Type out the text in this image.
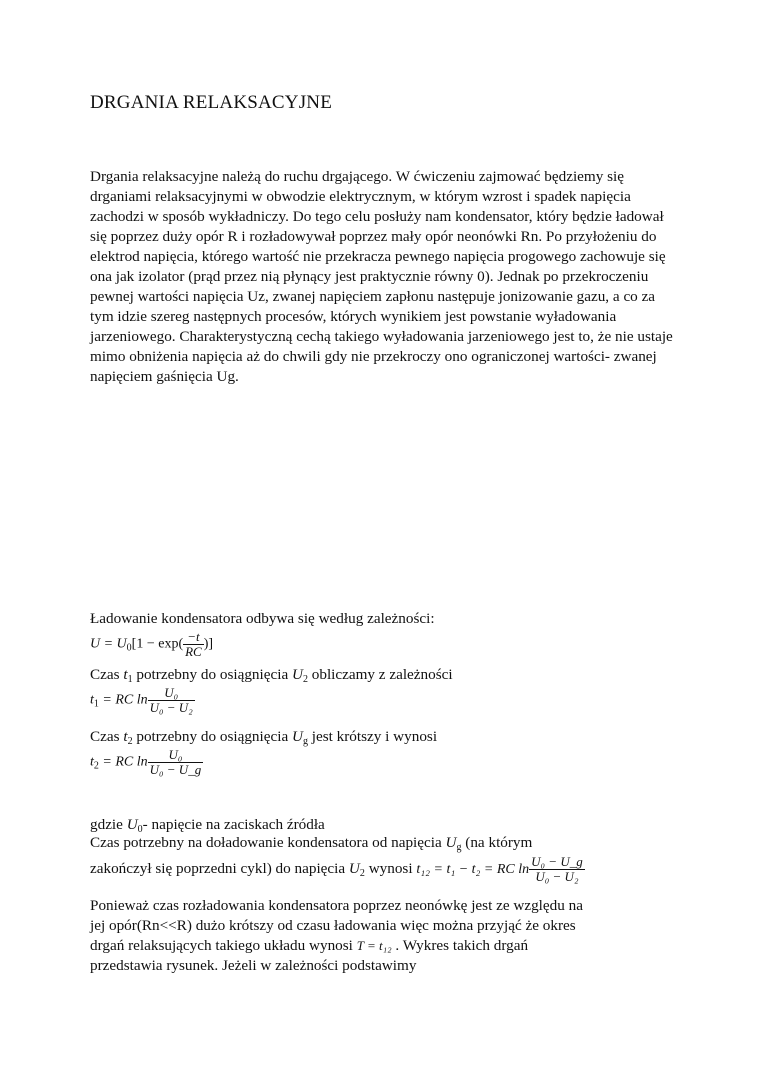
DRGANIA RELAKSACYJNE

Drgania relaksacyjne należą do ruchu drgającego. W ćwiczeniu zajmować będziemy się drganiami relaksacyjnymi w obwodzie elektrycznym, w którym wzrost i spadek napięcia zachodzi w sposób wykładniczy. Do tego celu posłuży nam kondensator, który będzie ładował się poprzez duży opór R i rozładowywał poprzez mały opór neonówki Rn. Po przyłożeniu do elektrod napięcia, którego wartość nie przekracza pewnego napięcia progowego zachowuje się ona jak izolator (prąd przez nią płynący jest praktycznie równy 0). Jednak po przekroczeniu pewnej wartości napięcia Uz, zwanej napięciem zapłonu następuje jonizowanie gazu, a co za tym idzie szereg następnych procesów, których wynikiem jest powstanie wyładowania jarzeniowego. Charakterystyczną cechą takiego wyładowania jarzeniowego jest to, że nie ustaje mimo obniżenia napięcia aż do chwili gdy nie przekroczy ono ograniczonej wartości- zwanej napięciem gaśnięcia Ug.

Ładowanie kondensatora odbywa się według zależności:
$U = U_0[1 - \exp( \frac{-t}{RC}$ )]
Czas $t_1$ potrzebny do osiągnięcia $U_2$ obliczamy z zależności
$t_1$ = RC $\ln \frac{\text{U₀}}{\text{U₀ − U₂}}$
Czas $t_2$ potrzebny do osiągnięcia $U_g$ jest krótszy i wynosi
$t_2$ = RC $\ln \frac{\text{U₀}}{\text{U₀ − U\_g}}$
gdzie $U_0-$ napięcie na zaciskach źródła
Czas potrzebny na doładowanie kondensatora od napięcia $U_g$ (na którym
zakończył się poprzedni cykl) do napięcia $U_2$ wynosi t₁₂ = t₁ − t₂ = RC $\ln \frac{\text{U₀ − U\_g}}{\text{U₀ − U₂}}$
Ponieważ czas rozładowania kondensatora poprzez neonówkę jest ze względu na
jej opór(Rn<<R) dużo krótszy od czasu ładowania więc można przyjąć że okres
drgań relaksujących takiego układu wynosi T = t₁₂ . Wykres takich drgań
przedstawia rysunek. Jeżeli w zależności podstawimy
